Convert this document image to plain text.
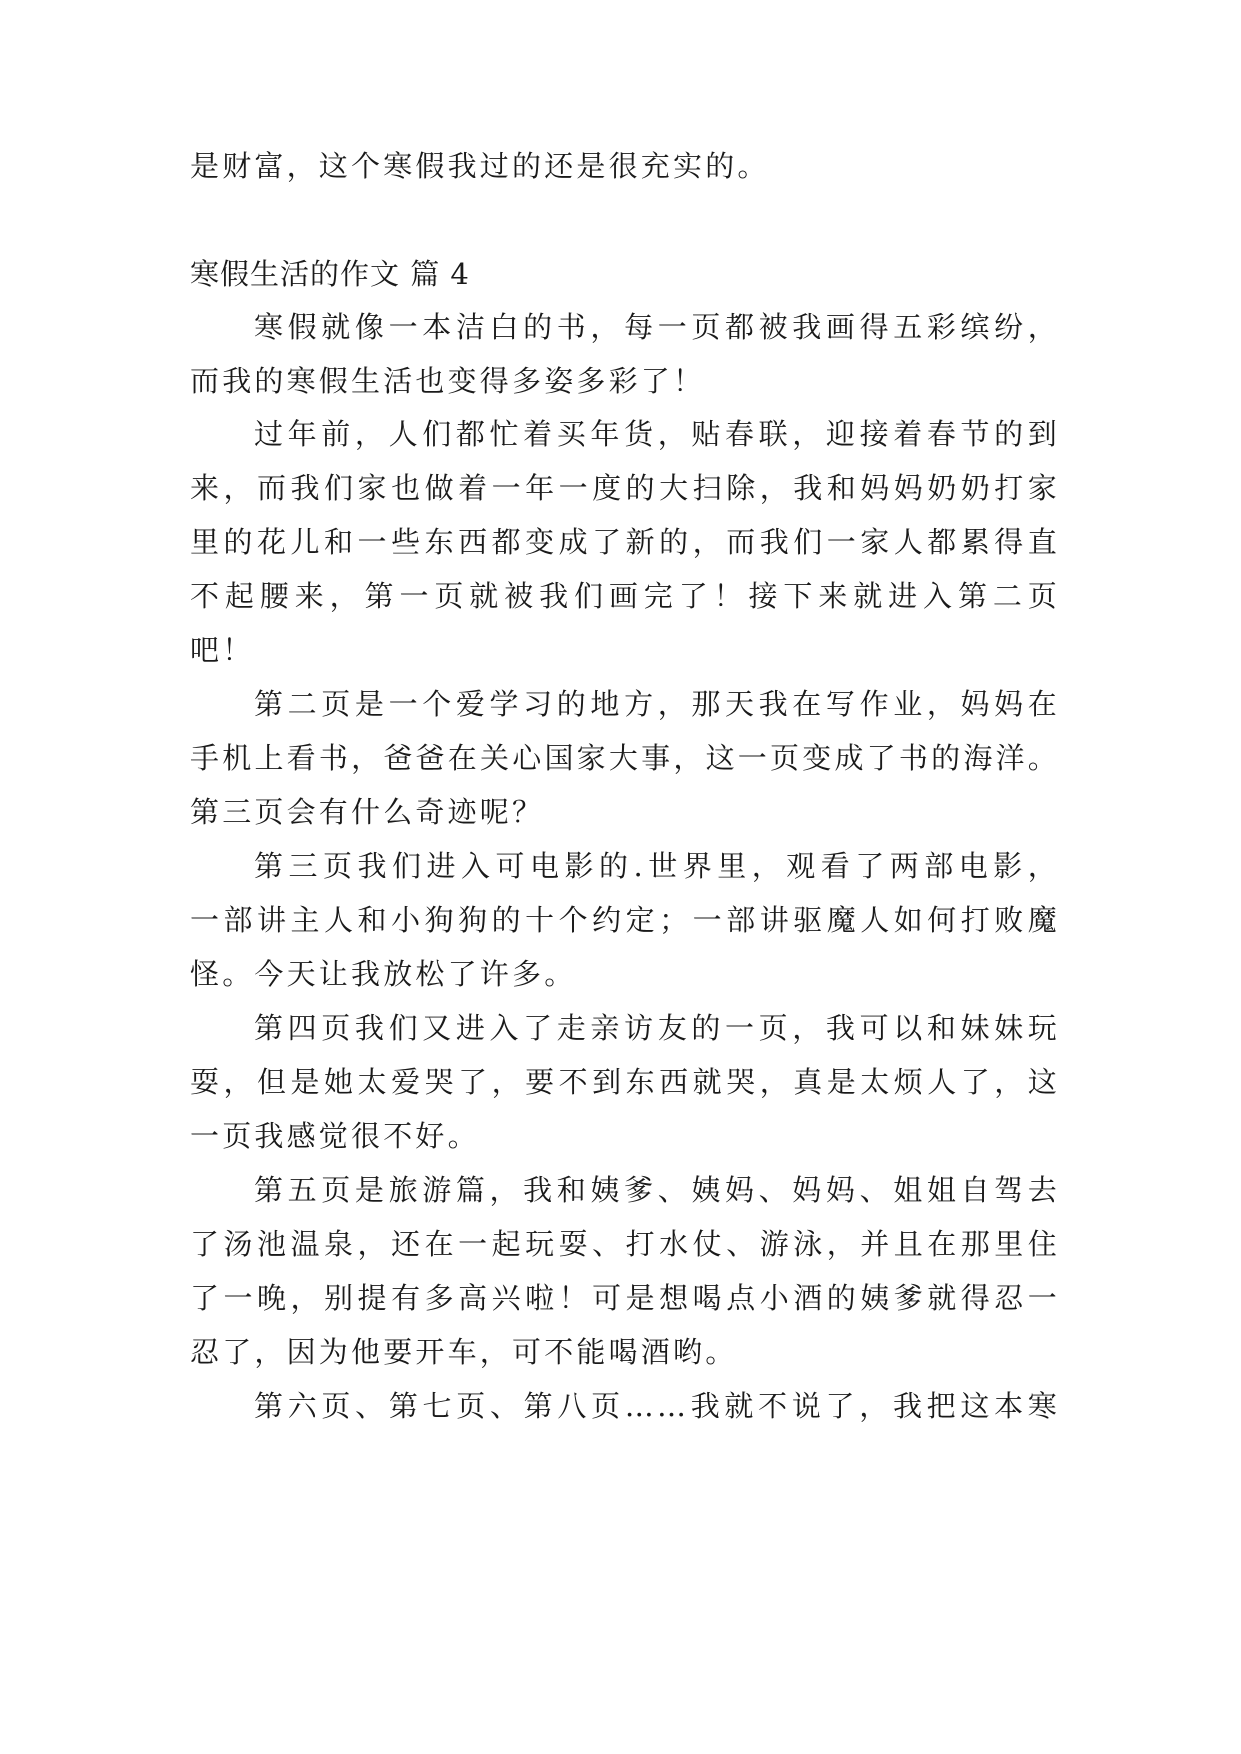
是财富，这个寒假我过的还是很充实的。
寒假生活的作文 篇 4
寒假就像一本洁白的书，每一页都被我画得五彩缤纷，
而我的寒假生活也变得多姿多彩了！
过年前，人们都忙着买年货，贴春联，迎接着春节的到
来，而我们家也做着一年一度的大扫除，我和妈妈奶奶打家
里的花儿和一些东西都变成了新的，而我们一家人都累得直
不起腰来，第一页就被我们画完了！接下来就进入第二页
吧！
第二页是一个爱学习的地方，那天我在写作业，妈妈在
手机上看书，爸爸在关心国家大事，这一页变成了书的海洋。
第三页会有什么奇迹呢？
第三页我们进入可电影的.世界里，观看了两部电影，
一部讲主人和小狗狗的十个约定；一部讲驱魔人如何打败魔
怪。今天让我放松了许多。
第四页我们又进入了走亲访友的一页，我可以和妹妹玩
耍，但是她太爱哭了，要不到东西就哭，真是太烦人了，这
一页我感觉很不好。
第五页是旅游篇，我和姨爹、姨妈、妈妈、姐姐自驾去
了汤池温泉，还在一起玩耍、打水仗、游泳，并且在那里住
了一晚，别提有多高兴啦！可是想喝点小酒的姨爹就得忍一
忍了，因为他要开车，可不能喝酒哟。
第六页、第七页、第八页……我就不说了，我把这本寒
